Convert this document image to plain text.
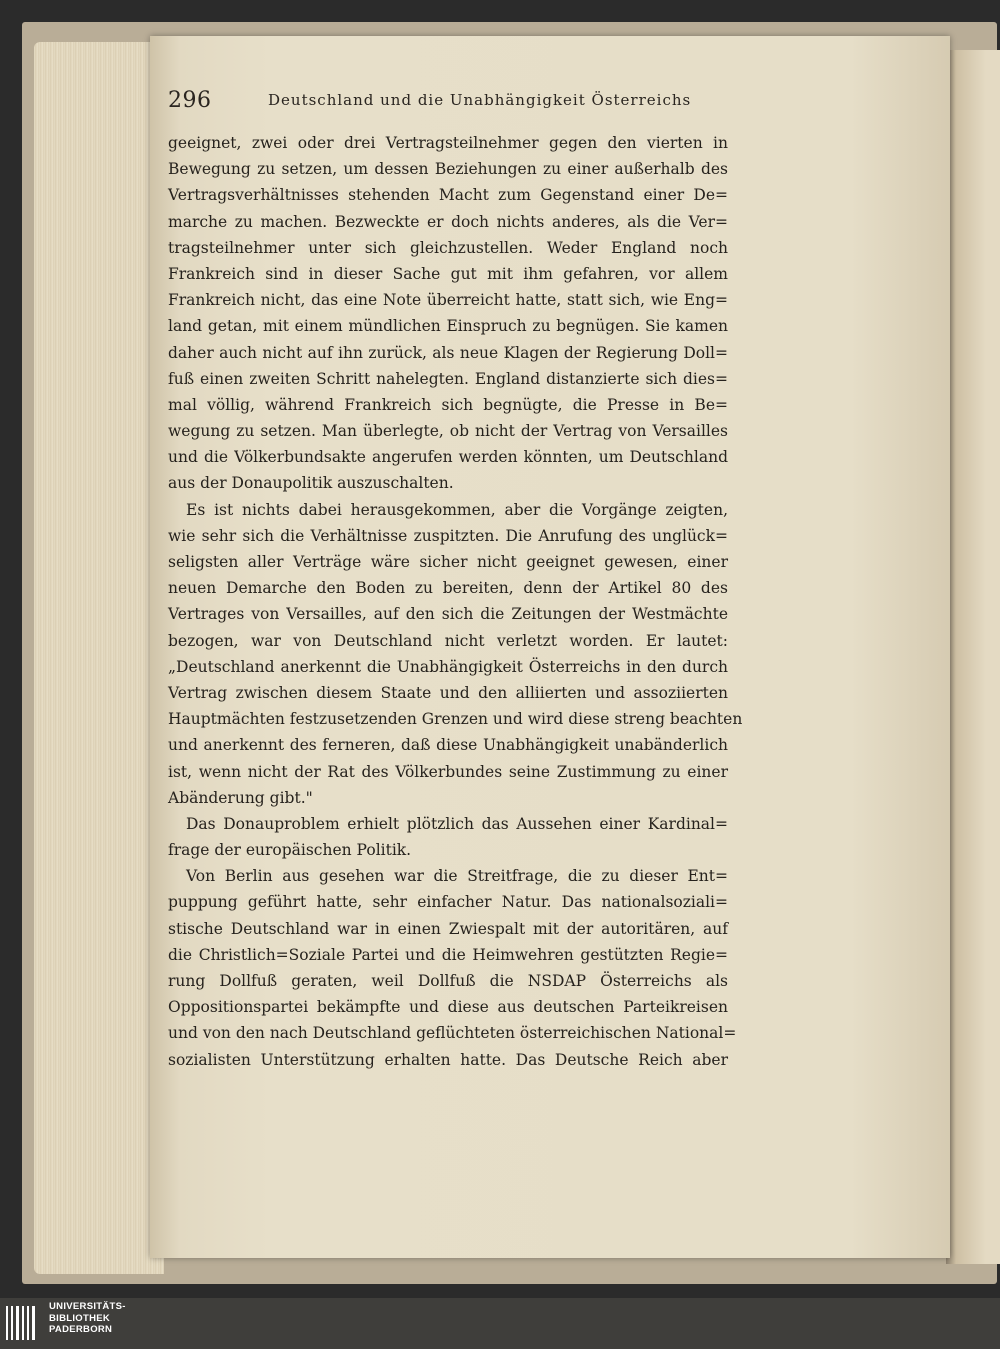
296	Deutschland und die Unabhängigkeit Österreichs
geeignet, zwei oder drei Vertragsteilnehmer gegen den vierten in
Bewegung zu setzen, um dessen Beziehungen zu einer außerhalb des
Vertragsverhältnisses stehenden Macht zum Gegenstand einer De=
marche zu machen. Bezweckte er doch nichts anderes, als die Ver=
tragsteilnehmer unter sich gleichzustellen. Weder England noch
Frankreich sind in dieser Sache gut mit ihm gefahren, vor allem
Frankreich nicht, das eine Note überreicht hatte, statt sich, wie Eng=
land getan, mit einem mündlichen Einspruch zu begnügen. Sie kamen
daher auch nicht auf ihn zurück, als neue Klagen der Regierung Doll=
fuß einen zweiten Schritt nahelegten. England distanzierte sich dies=
mal völlig, während Frankreich sich begnügte, die Presse in Be=
wegung zu setzen. Man überlegte, ob nicht der Vertrag von Versailles
und die Völkerbundsakte angerufen werden könnten, um Deutschland
aus der Donaupolitik auszuschalten.
Es ist nichts dabei herausgekommen, aber die Vorgänge zeigten,
wie sehr sich die Verhältnisse zuspitzten. Die Anrufung des unglück=
seligsten aller Verträge wäre sicher nicht geeignet gewesen, einer
neuen Demarche den Boden zu bereiten, denn der Artikel 80 des
Vertrages von Versailles, auf den sich die Zeitungen der Westmächte
bezogen, war von Deutschland nicht verletzt worden. Er lautet:
„Deutschland anerkennt die Unabhängigkeit Österreichs in den durch
Vertrag zwischen diesem Staate und den alliierten und assoziierten
Hauptmächten festzusetzenden Grenzen und wird diese streng beachten
und anerkennt des ferneren, daß diese Unabhängigkeit unabänderlich
ist, wenn nicht der Rat des Völkerbundes seine Zustimmung zu einer
Abänderung gibt."
Das Donauproblem erhielt plötzlich das Aussehen einer Kardinal=
frage der europäischen Politik.
Von Berlin aus gesehen war die Streitfrage, die zu dieser Ent=
puppung geführt hatte, sehr einfacher Natur. Das nationalsoziali=
stische Deutschland war in einen Zwiespalt mit der autoritären, auf
die Christlich=Soziale Partei und die Heimwehren gestützten Regie=
rung Dollfuß geraten, weil Dollfuß die NSDAP Österreichs als
Oppositionspartei bekämpfte und diese aus deutschen Parteikreisen
und von den nach Deutschland geflüchteten österreichischen National=
sozialisten Unterstützung erhalten hatte. Das Deutsche Reich aber
UNIVERSITÄTS-
BIBLIOTHEK
PADERBORN
